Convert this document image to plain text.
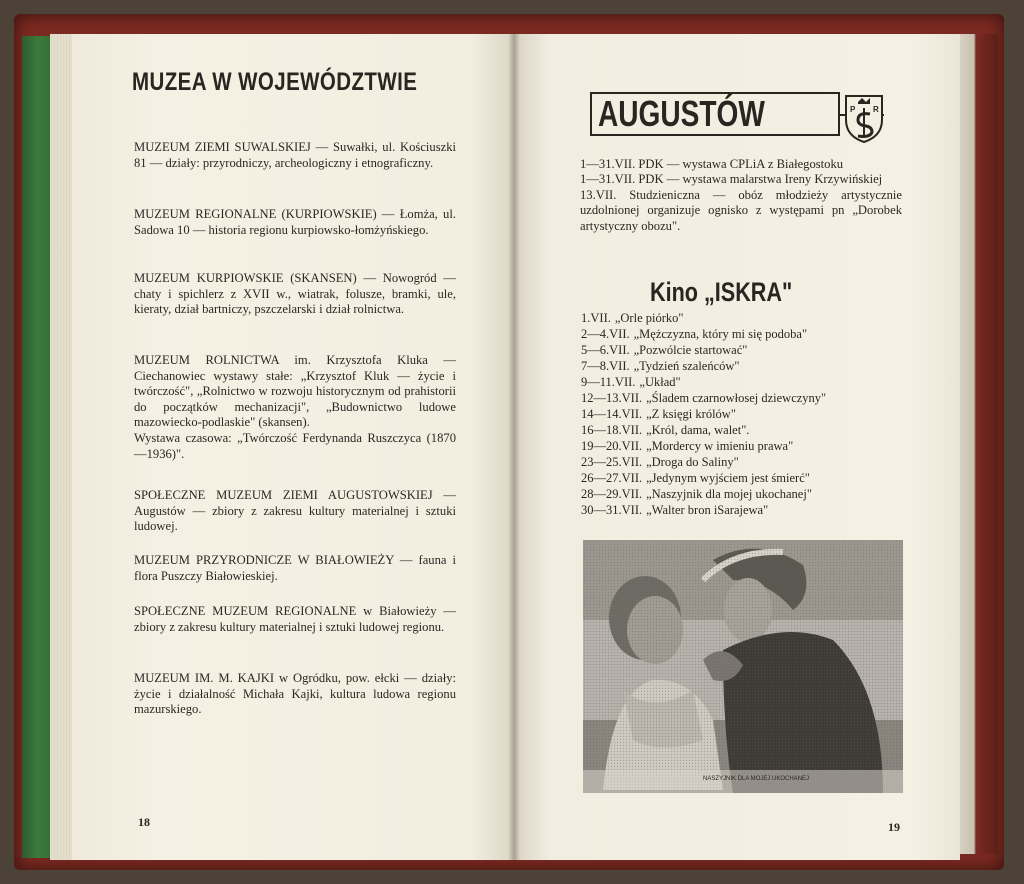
MUZEA W WOJEWÓDZTWIE

MUZEUM ZIEMI SUWALSKIEJ — Suwałki, ul. Kościuszki 81 — działy: przyrodniczy, archeologiczny i etnograficzny.

MUZEUM REGIONALNE (KURPIOWSKIE) — Łomża, ul. Sadowa 10 — historia regionu kurpiowsko-łomżyńskiego.

MUZEUM KURPIOWSKIE (SKANSEN) — Nowogród — chaty i spichlerz z XVII w., wiatrak, folusze, bramki, ule, kieraty, dział bartniczy, pszczelarski i dział rolnictwa.

MUZEUM ROLNICTWA im. Krzysztofa Kluka — Ciechanowiec wystawy stałe: „Krzysztof Kluk — życie i twórczość", „Rolnictwo w rozwoju historycznym od prahistorii do początków mechanizacji", „Budownictwo ludowe mazowiecko-podlaskie" (skansen).

Wystawa czasowa: „Twórczość Ferdynanda Ruszczyca (1870—1936)".

SPOŁECZNE MUZEUM ZIEMI AUGUSTOWSKIEJ — Augustów — zbiory z zakresu kultury materialnej i sztuki ludowej.

MUZEUM PRZYRODNICZE W BIAŁOWIEŻY — fauna i flora Puszczy Białowieskiej.

SPOŁECZNE MUZEUM REGIONALNE w Białowieży — zbiory z zakresu kultury materialnej i sztuki ludowej regionu.

MUZEUM IM. M. KAJKI w Ogródku, pow. ełcki — działy: życie i działalność Michała Kajki, kultura ludowa regionu mazurskiego.

18
AUGUSTÓW	P R

1—31.VII. PDK — wystawa CPLiA z Białegostoku

1—31.VII. PDK — wystawa malarstwa Ireny Krzywińskiej

13.VII. Studzieniczna — obóz młodzieży artystycznie uzdolnionej organizuje ognisko z występami pn „Dorobek artystyczny obozu".

Kino „ISKRA"
1.VII. „Orle piórko"
2—4.VII. „Mężczyzna, który mi się podoba"
5—6.VII. „Pozwólcie startować"
7—8.VII. „Tydzień szaleńców"
9—11.VII. „Układ"
12—13.VII. „Śladem czarnowłosej dziewczyny"
14—14.VII. „Z księgi królów"
16—18.VII. „Król, dama, walet".
19—20.VII. „Mordercy w imieniu prawa"
23—25.VII. „Droga do Saliny"
26—27.VII. „Jedynym wyjściem jest śmierć"
28—29.VII. „Naszyjnik dla mojej ukochanej"
30—31.VII. „Walter bron iSarajewa"
NASZYJNIK DLA MOJEJ UKOCHANEJ
19
